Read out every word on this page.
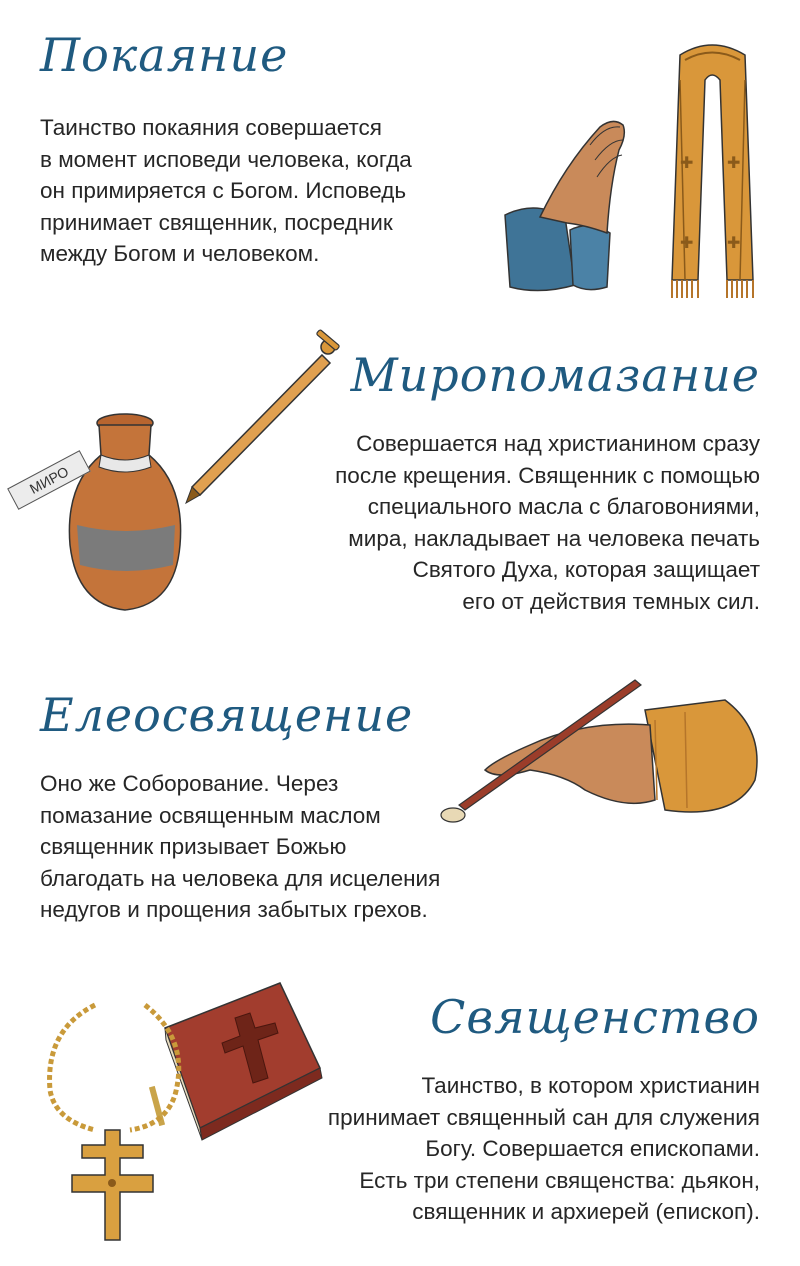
Покаяние
Таинство покаяния совершается
в момент исповеди человека, когда
он примиряется с Богом. Исповедь
принимает священник, посредник
между Богом и человеком.
✚ ✚
✚ ✚
Миропомазание
Совершается над христианином сразу
после крещения. Священник с помощью
специального масла с благовониями,
мира, накладывает на человека печать
Святого Духа, которая защищает
его от действия темных сил.
МИРО
Елеосвящение
Оно же Соборование. Через
помазание освященным маслом
священник призывает Божью
благодать на человека для исцеления
недугов и прощения забытых грехов.
Священство
Таинство, в котором христианин
принимает священный сан для служения
Богу. Совершается епископами.
Есть три степени священства: дьякон,
священник и архиерей (епископ).
